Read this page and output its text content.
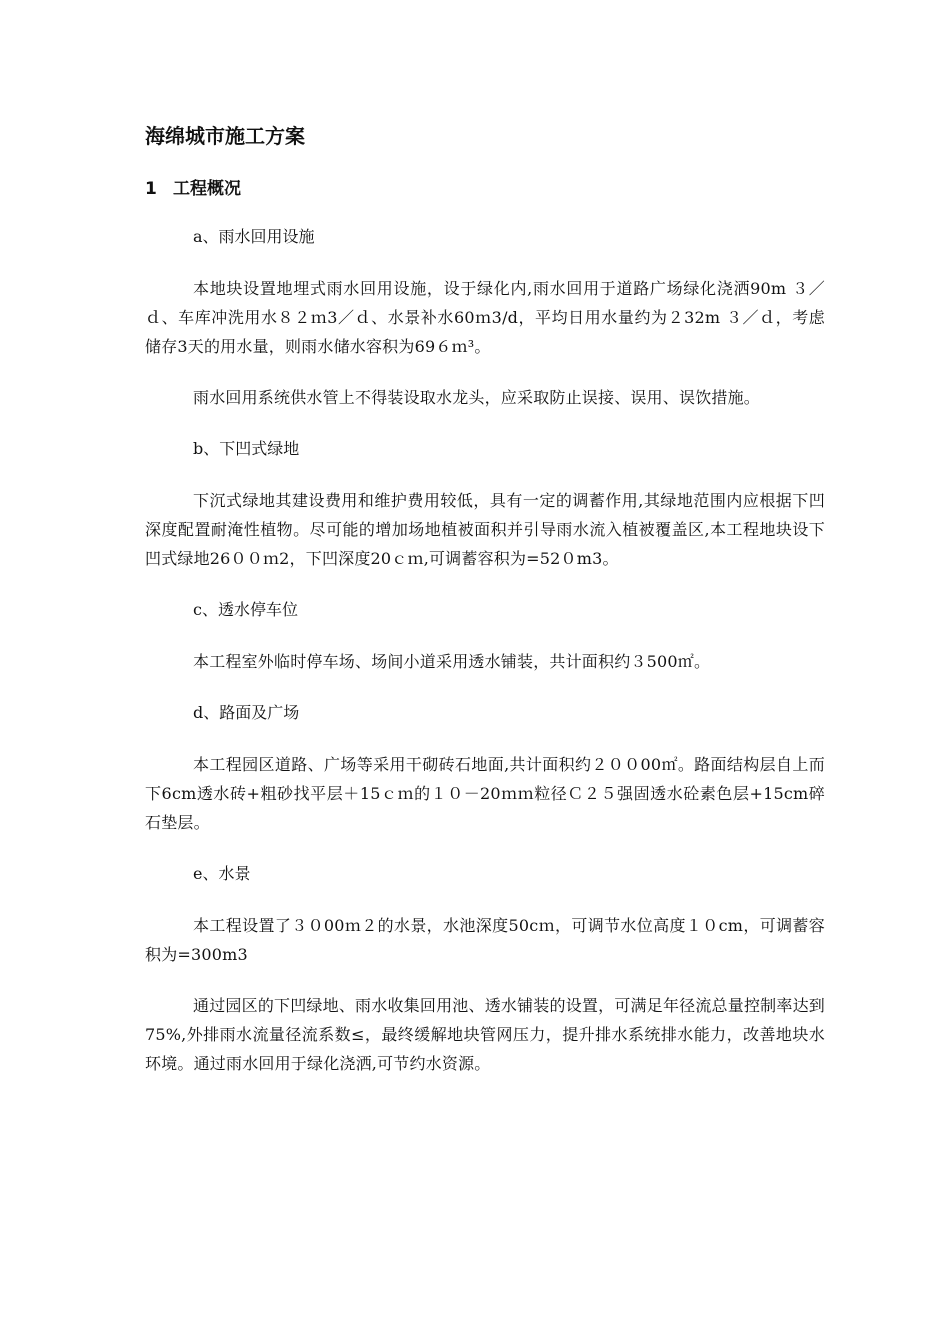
海绵城市施工方案
1 工程概况
a、雨水回用设施

本地块设置地埋式雨水回用设施，设于绿化内,雨水回用于道路广场绿化浇洒90m ３／ｄ、车库冲洗用水８２ｍ3／ｄ、水景补水60ｍ3/d，平均日用水量约为２32m ３／ｄ，考虑储存3天的用水量，则雨水储水容积为69６ｍ³。

雨水回用系统供水管上不得装设取水龙头，应采取防止误接、误用、误饮措施。

b、下凹式绿地

下沉式绿地其建设费用和维护费用较低，具有一定的调蓄作用,其绿地范围内应根据下凹深度配置耐淹性植物。尽可能的增加场地植被面积并引导雨水流入植被覆盖区,本工程地块设下凹式绿地26００ｍ2，下凹深度20ｃｍ,可调蓄容积为=52０m3。

c、透水停车位

本工程室外临时停车场、场间小道采用透水铺装，共计面积约３500㎡。

d、路面及广场

本工程园区道路、广场等采用干砌砖石地面,共计面积约２００00㎡。路面结构层自上而下6cm透水砖+粗砂找平层＋15ｃｍ的１０－20ｍｍ粒径Ｃ２５强固透水砼素色层+15cm碎石垫层。

e、水景

本工程设置了３０00ｍ２的水景，水池深度50cｍ，可调节水位高度１０cm，可调蓄容积为=300m3

通过园区的下凹绿地、雨水收集回用池、透水铺装的设置，可满足年径流总量控制率达到75%,外排雨水流量径流系数≤，最终缓解地块管网压力，提升排水系统排水能力，改善地块水环境。通过雨水回用于绿化浇洒,可节约水资源。
